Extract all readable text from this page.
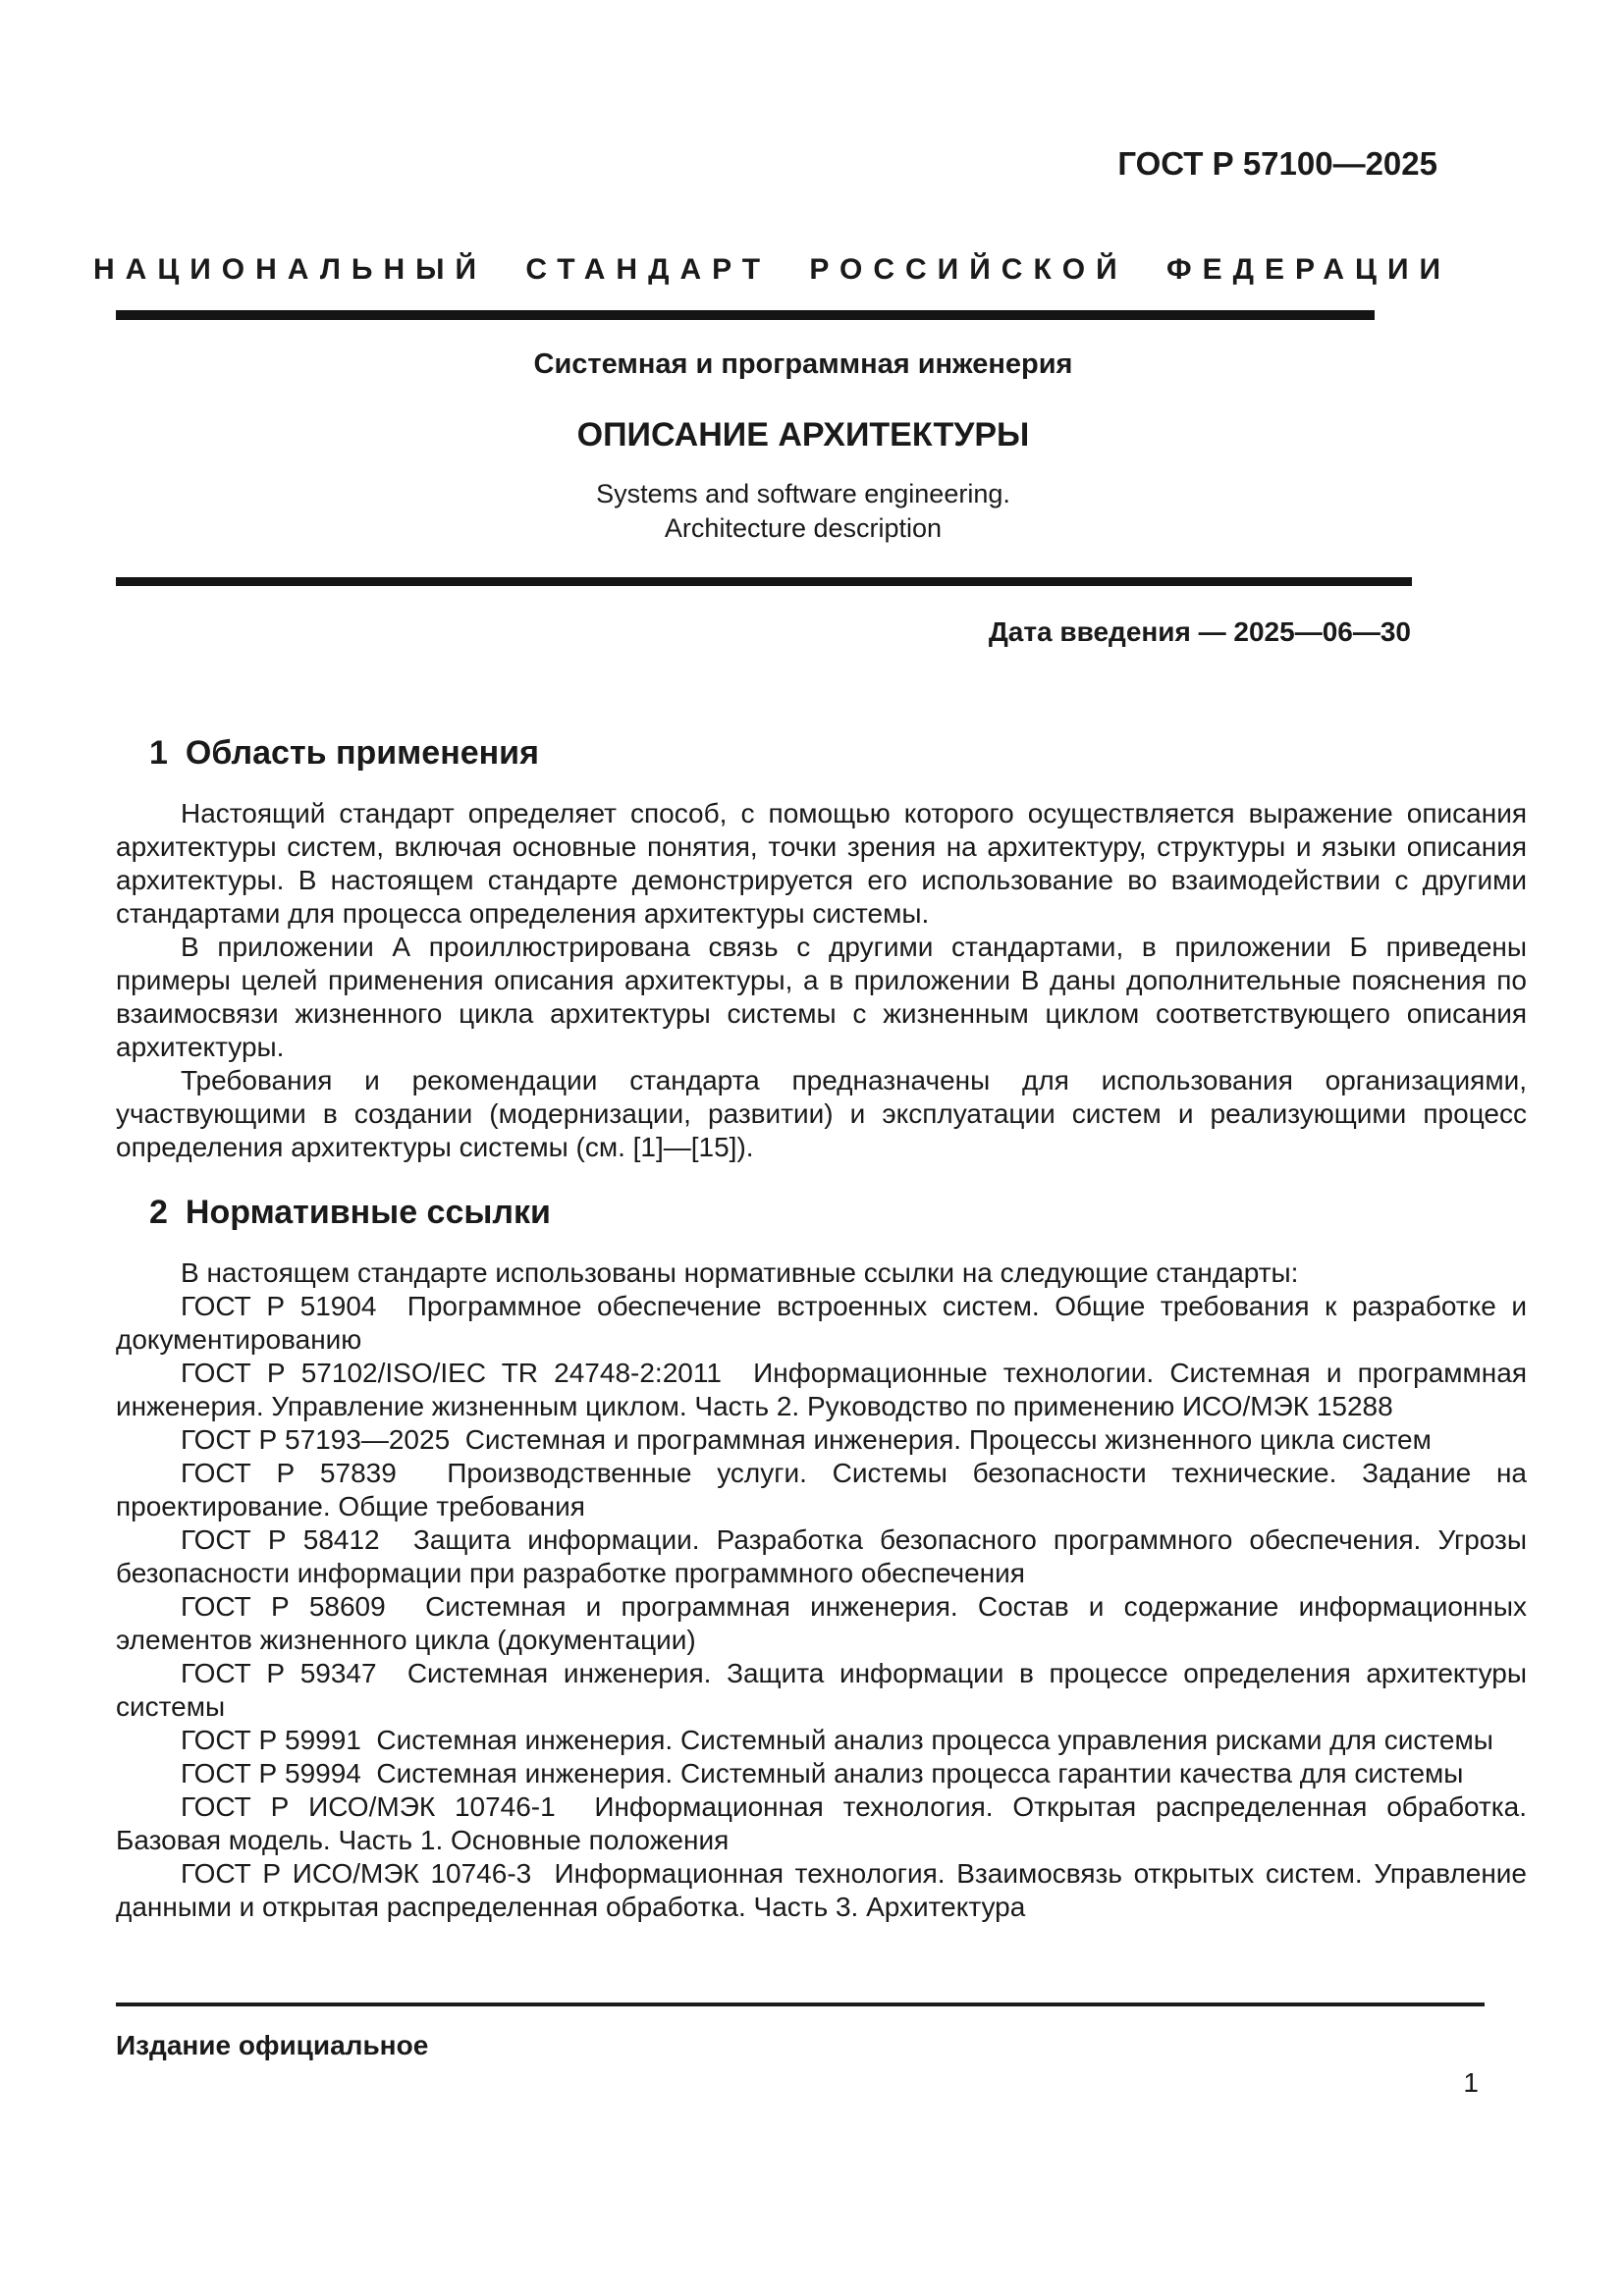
ГОСТ Р 57100—2025
НАЦИОНАЛЬНЫЙ СТАНДАРТ РОССИЙСКОЙ ФЕДЕРАЦИИ
Системная и программная инженерия
ОПИСАНИЕ АРХИТЕКТУРЫ
Systems and software engineering.
Architecture description
Дата введения — 2025—06—30
1 Область применения

Настоящий стандарт определяет способ, с помощью которого осуществляется выражение описания архитектуры систем, включая основные понятия, точки зрения на архитектуру, структуры и языки описания архитектуры. В настоящем стандарте демонстрируется его использование во взаимодействии с другими стандартами для процесса определения архитектуры системы.

В приложении А проиллюстрирована связь с другими стандартами, в приложении Б приведены примеры целей применения описания архитектуры, а в приложении В даны дополнительные пояснения по взаимосвязи жизненного цикла архитектуры системы с жизненным циклом соответствующего описания архитектуры.

Требования и рекомендации стандарта предназначены для использования организациями, участвующими в создании (модернизации, развитии) и эксплуатации систем и реализующими процесс определения архитектуры системы (см. [1]—[15]).

2 Нормативные ссылки

В настоящем стандарте использованы нормативные ссылки на следующие стандарты:

ГОСТ Р 51904  Программное обеспечение встроенных систем. Общие требования к разработке и документированию

ГОСТ Р 57102/ISO/IEC TR 24748-2:2011  Информационные технологии. Системная и программная инженерия. Управление жизненным циклом. Часть 2. Руководство по применению ИСО/МЭК 15288

ГОСТ Р 57193—2025  Системная и программная инженерия. Процессы жизненного цикла систем

ГОСТ Р 57839  Производственные услуги. Системы безопасности технические. Задание на проектирование. Общие требования

ГОСТ Р 58412  Защита информации. Разработка безопасного программного обеспечения. Угрозы безопасности информации при разработке программного обеспечения

ГОСТ Р 58609  Системная и программная инженерия. Состав и содержание информационных элементов жизненного цикла (документации)

ГОСТ Р 59347  Системная инженерия. Защита информации в процессе определения архитектуры системы

ГОСТ Р 59991  Системная инженерия. Системный анализ процесса управления рисками для системы

ГОСТ Р 59994  Системная инженерия. Системный анализ процесса гарантии качества для системы

ГОСТ Р ИСО/МЭК 10746-1  Информационная технология. Открытая распределенная обработка. Базовая модель. Часть 1. Основные положения

ГОСТ Р ИСО/МЭК 10746-3  Информационная технология. Взаимосвязь открытых систем. Управление данными и открытая распределенная обработка. Часть 3. Архитектура

Издание официальное
1
